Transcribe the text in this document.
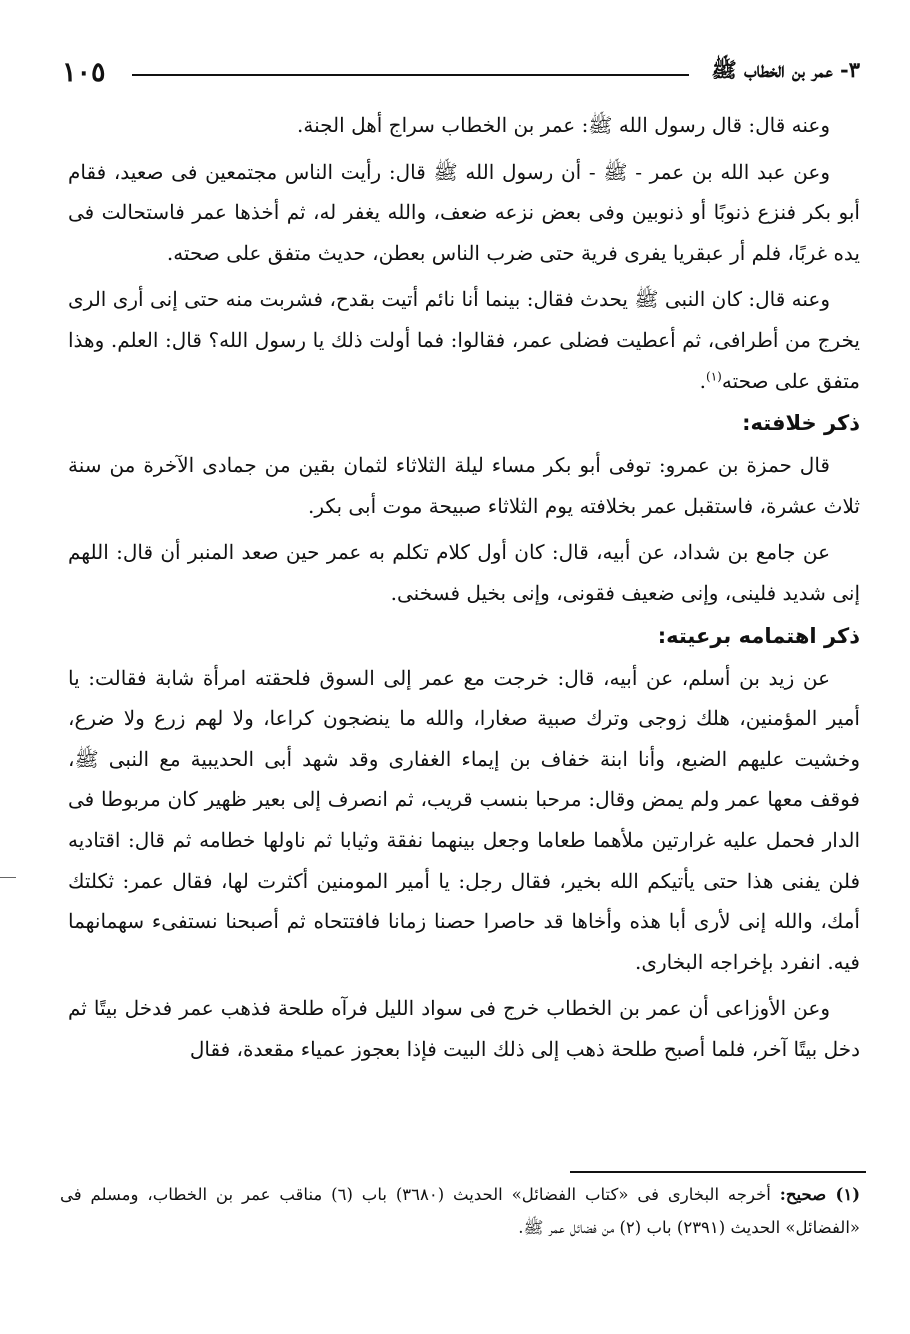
٣- عمر بن الخطاب ﷺ
١٠٥

وعنه قال: قال رسول الله ﷺ: عمر بن الخطاب سراج أهل الجنة.

وعن عبد الله بن عمر - ﷺ - أن رسول الله ﷺ قال: رأيت الناس مجتمعين فى صعيد، فقام أبو بكر فنزع ذنوبًا أو ذنوبين وفى بعض نزعه ضعف، والله يغفر له، ثم أخذها عمر فاستحالت فى يده غربًا، فلم أر عبقريا يفرى فرية حتى ضرب الناس بعطن، حديث متفق على صحته.

وعنه قال: كان النبى ﷺ يحدث فقال: بينما أنا نائم أتيت بقدح، فشربت منه حتى إنى أرى الرى يخرج من أطرافى، ثم أعطيت فضلى عمر، فقالوا: فما أولت ذلك يا رسول الله؟ قال: العلم. وهذا متفق على صحته$^{(١)}$.

ذكر خلافته:

قال حمزة بن عمرو: توفى أبو بكر مساء ليلة الثلاثاء لثمان بقين من جمادى الآخرة من سنة ثلاث عشرة، فاستقبل عمر بخلافته يوم الثلاثاء صبيحة موت أبى بكر.

عن جامع بن شداد، عن أبيه، قال: كان أول كلام تكلم به عمر حين صعد المنبر أن قال: اللهم إنى شديد فلينى، وإنى ضعيف فقونى، وإنى بخيل فسخنى.

ذكر اهتمامه برعيته:

عن زيد بن أسلم، عن أبيه، قال: خرجت مع عمر إلى السوق فلحقته امرأة شابة فقالت: يا أمير المؤمنين، هلك زوجى وترك صبية صغارا، والله ما ينضجون كراعا، ولا لهم زرع ولا ضرع، وخشيت عليهم الضبع، وأنا ابنة خفاف بن إيماء الغفارى وقد شهد أبى الحديبية مع النبى ﷺ، فوقف معها عمر ولم يمض وقال: مرحبا بنسب قريب، ثم انصرف إلى بعير ظهير كان مربوطا فى الدار فحمل عليه غرارتين ملأهما طعاما وجعل بينهما نفقة وثيابا ثم ناولها خطامه ثم قال: اقتاديه فلن يفنى هذا حتى يأتيكم الله بخير، فقال رجل: يا أمير المومنين أكثرت لها، فقال عمر: ثكلتك أمك، والله إنى لأرى أبا هذه وأخاها قد حاصرا حصنا زمانا فافتتحاه ثم أصبحنا نستفىء سهمانهما فيه. انفرد بإخراجه البخارى.

وعن الأوزاعى أن عمر بن الخطاب خرج فى سواد الليل فرآه طلحة فذهب عمر فدخل بيتًا ثم دخل بيتًا آخر، فلما أصبح طلحة ذهب إلى ذلك البيت فإذا بعجوز عمياء مقعدة، فقال

(١) صحيح: أخرجه البخارى فى «كتاب الفضائل» الحديث (٣٦٨٠) باب (٦) مناقب عمر بن الخطاب، ومسلم فى «الفضائل» الحديث (٢٣٩١) باب (٢) من فضائل عمر ﷺ.
